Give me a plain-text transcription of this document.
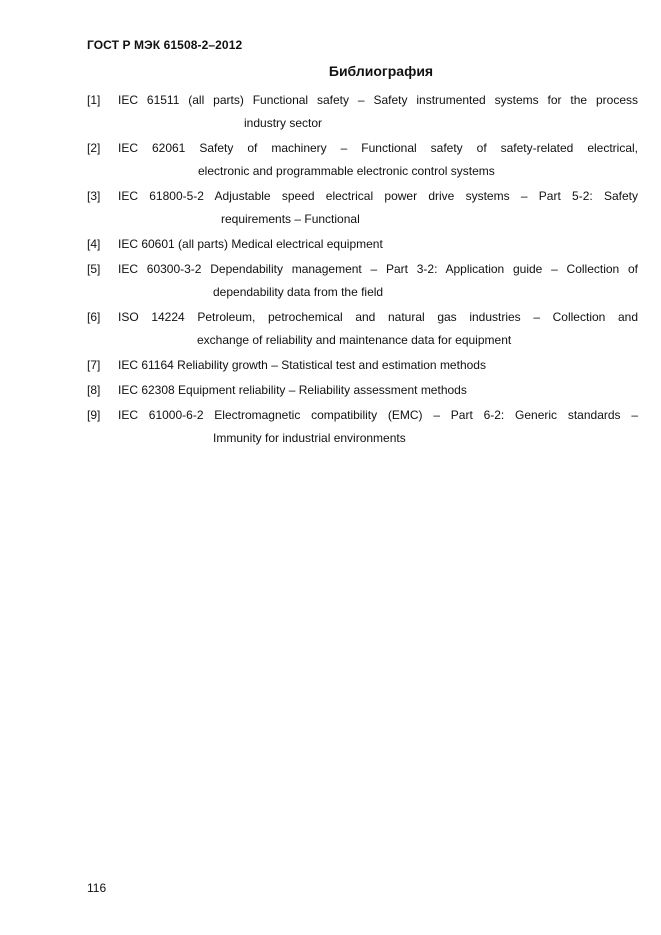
ГОСТ Р МЭК 61508-2–2012
Библиография
[1] IEC 61511 (all parts) Functional safety – Safety instrumented systems for the process
industry sector
[2] IEC 62061 Safety of machinery – Functional safety of safety-related electrical,
electronic and programmable electronic control systems
[3] IEC 61800-5-2 Adjustable speed electrical power drive systems – Part 5-2: Safety
requirements – Functional
[4] IEC 60601 (all parts) Medical electrical equipment
[5] IEC 60300-3-2 Dependability management – Part 3-2: Application guide – Collection of
dependability data from the field
[6] ISO 14224 Petroleum, petrochemical and natural gas industries – Collection and
exchange of reliability and maintenance data for equipment
[7] IEC 61164 Reliability growth – Statistical test and estimation methods
[8] IEC 62308 Equipment reliability – Reliability assessment methods
[9] IEC 61000-6-2 Electromagnetic compatibility (EMC) – Part 6-2: Generic standards –
Immunity for industrial environments
116
